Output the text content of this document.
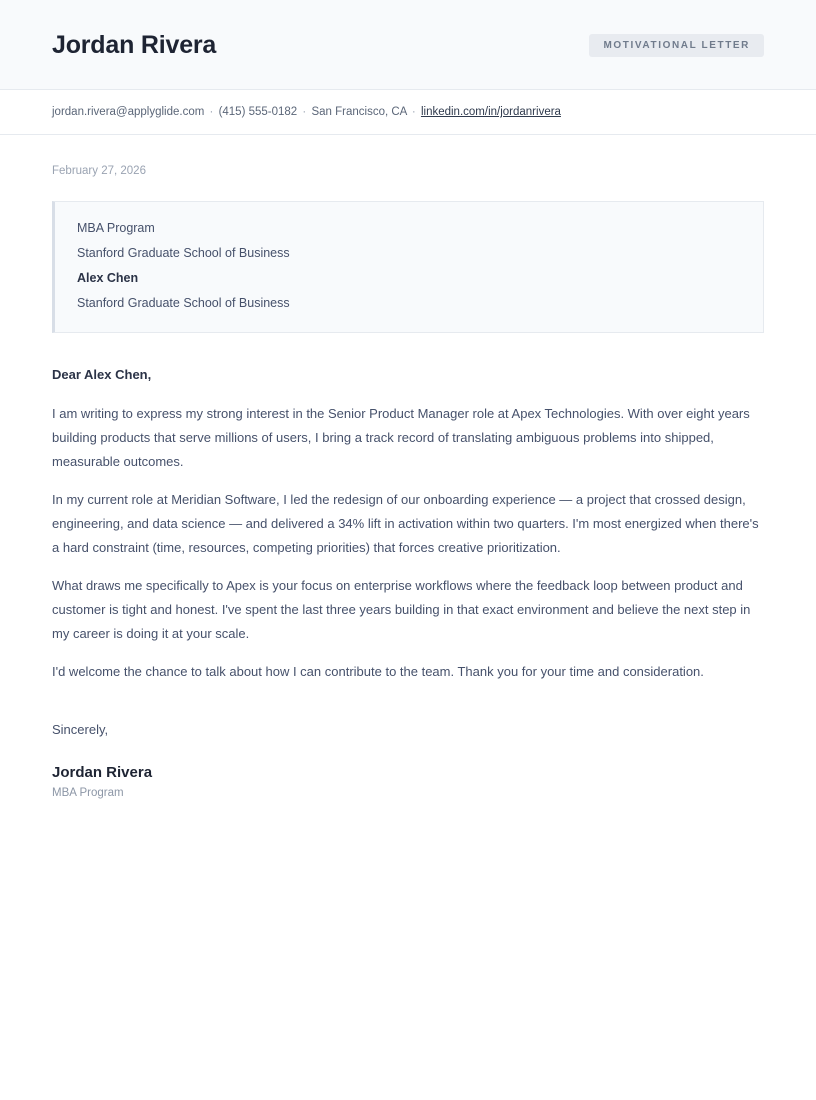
Jordan Rivera	MOTIVATIONAL LETTER
jordan.rivera@applyglide.com · (415) 555-0182 · San Francisco, CA · linkedin.com/in/jordanrivera

February 27, 2026

MBA Program

Stanford Graduate School of Business

Alex Chen

Stanford Graduate School of Business

Dear Alex Chen,

I am writing to express my strong interest in the Senior Product Manager role at Apex Technologies. With over eight years building products that serve millions of users, I bring a track record of translating ambiguous problems into shipped, measurable outcomes.

In my current role at Meridian Software, I led the redesign of our onboarding experience — a project that crossed design, engineering, and data science — and delivered a 34% lift in activation within two quarters. I'm most energized when there's a hard constraint (time, resources, competing priorities) that forces creative prioritization.

What draws me specifically to Apex is your focus on enterprise workflows where the feedback loop between product and customer is tight and honest. I've spent the last three years building in that exact environment and believe the next step in my career is doing it at your scale.

I'd welcome the chance to talk about how I can contribute to the team. Thank you for your time and consideration.

Sincerely,

Jordan Rivera

MBA Program
